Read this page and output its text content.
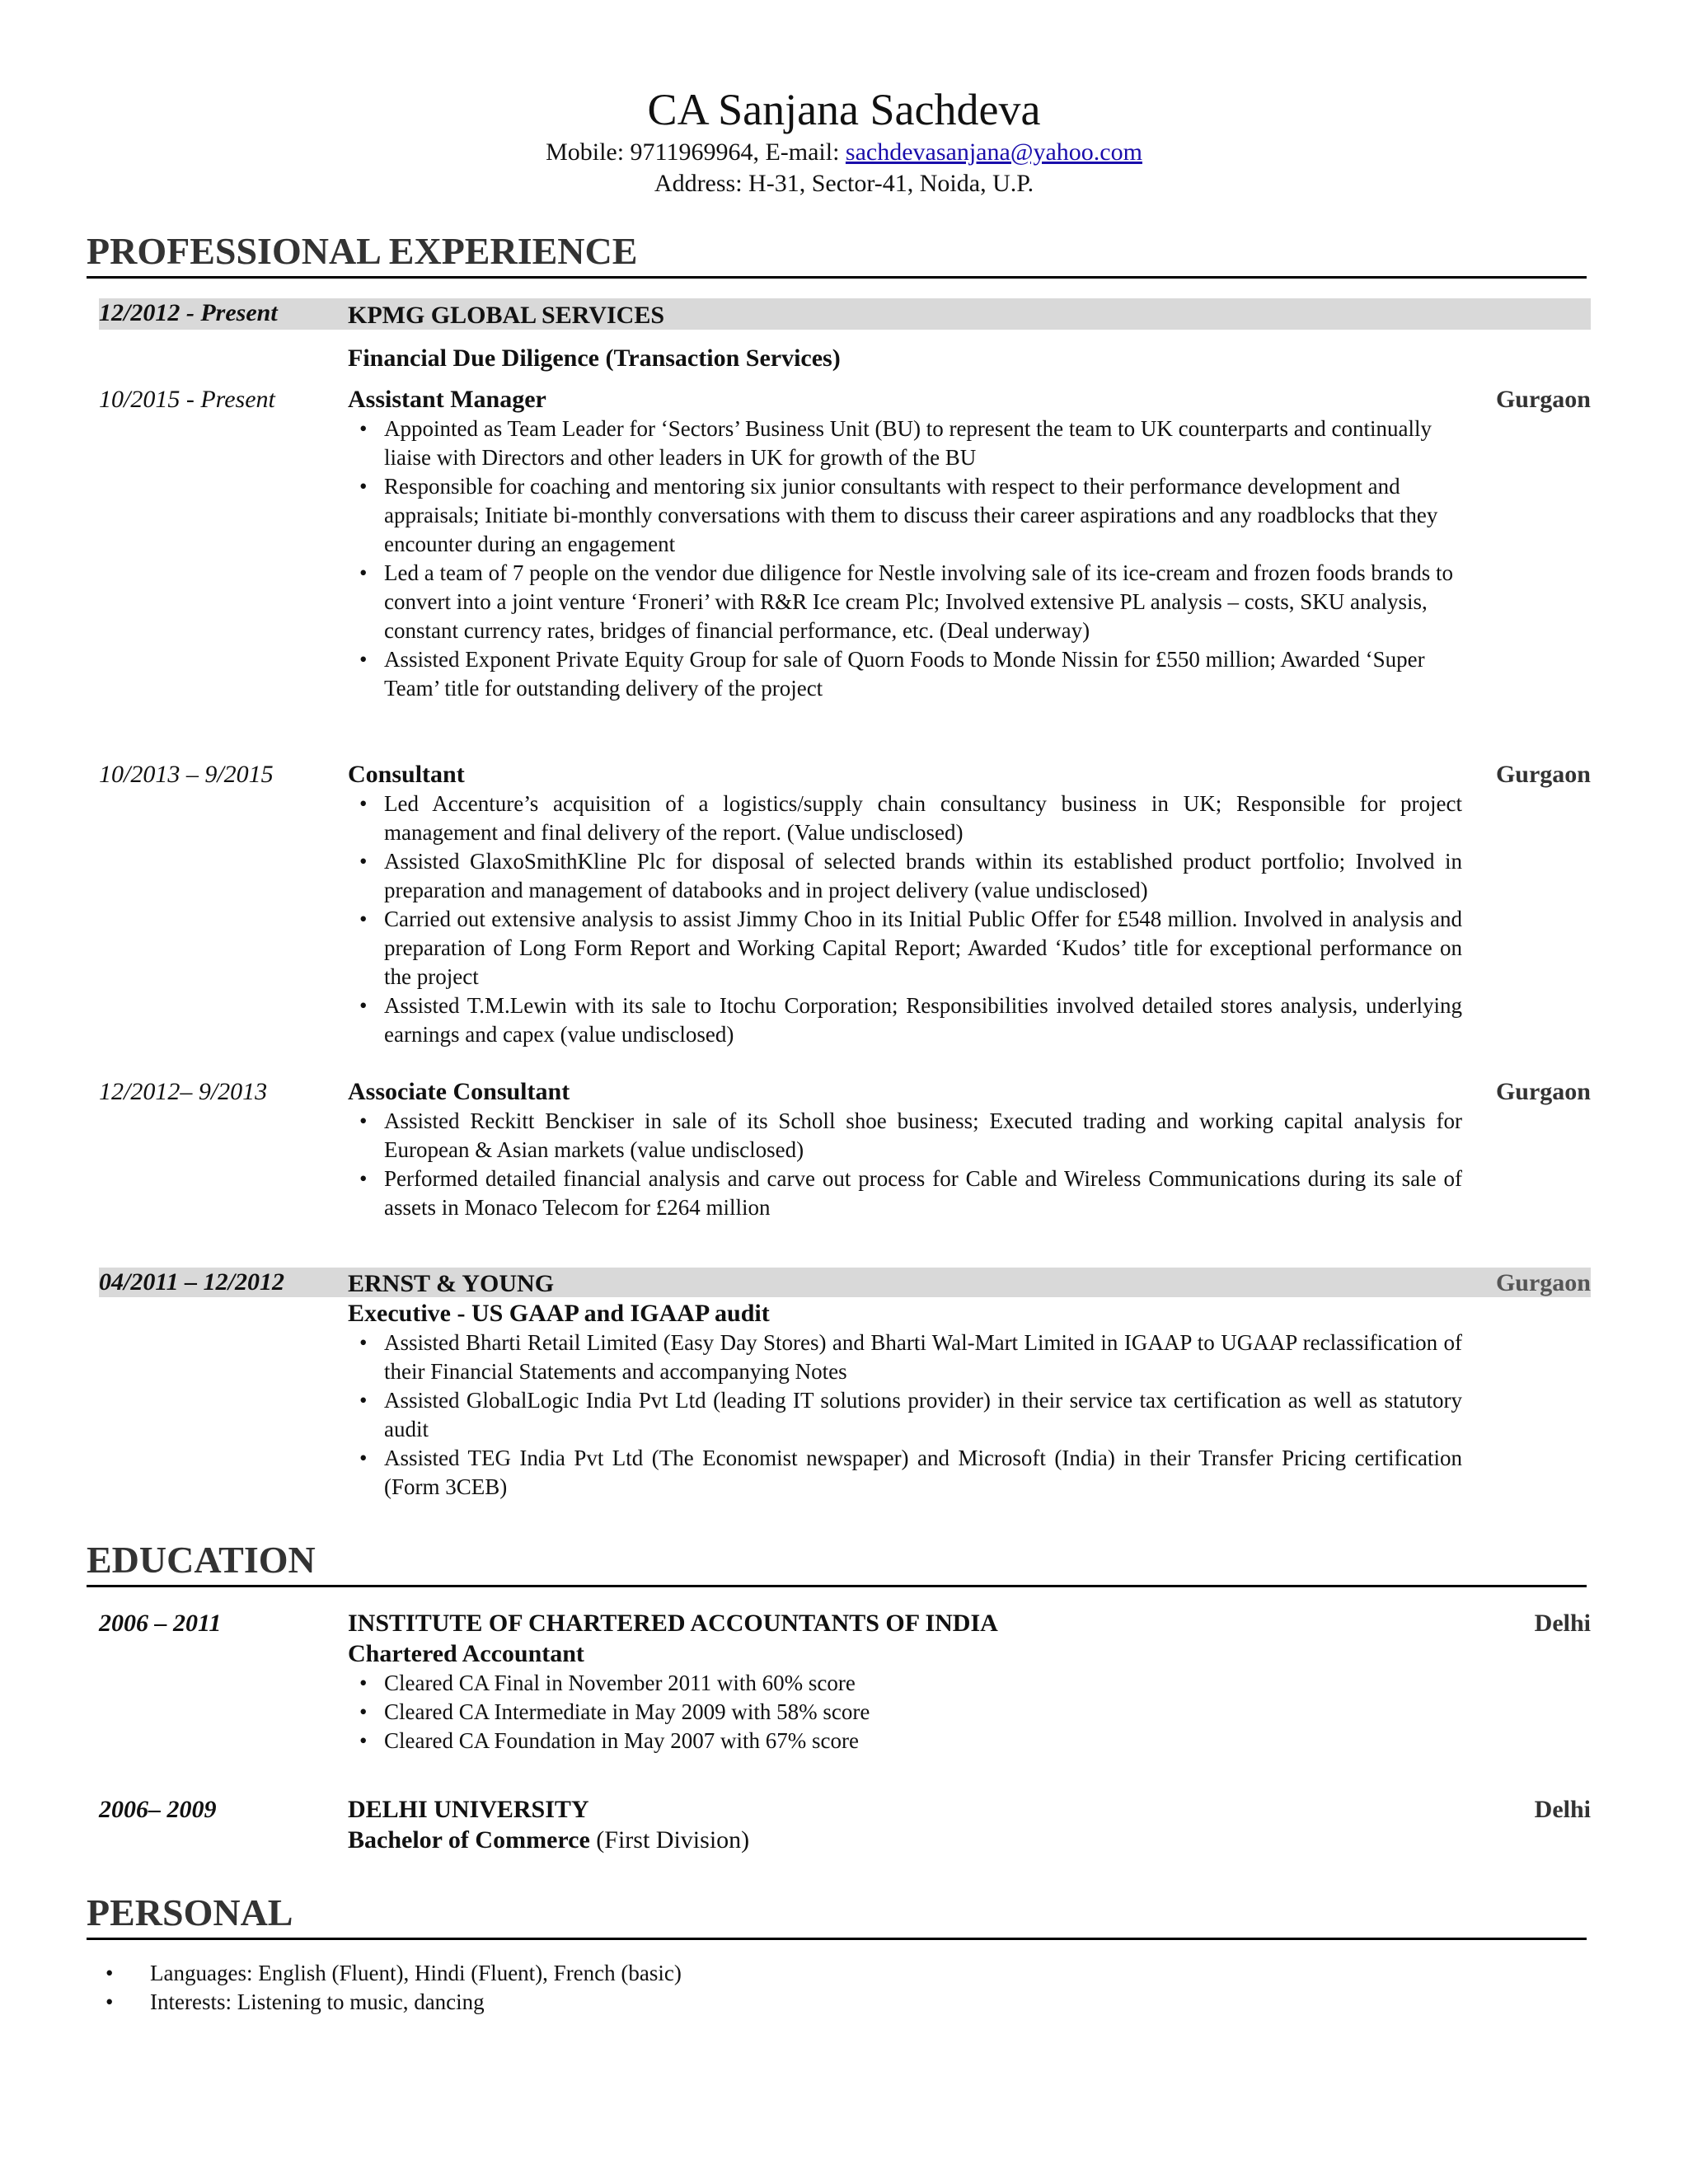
CA Sanjana Sachdeva
Mobile: 9711969964, E-mail: sachdevasanjana@yahoo.com
Address: H-31, Sector-41, Noida, U.P.
PROFESSIONAL EXPERIENCE
12/2012 - Present	KPMG GLOBAL SERVICES
Financial Due Diligence (Transaction Services)
10/2015 - Present	Assistant Manager	Gurgaon
• Appointed as Team Leader for ‘Sectors’ Business Unit (BU) to represent the team to UK counterparts and continually liaise with Directors and other leaders in UK for growth of the BU
• Responsible for coaching and mentoring six junior consultants with respect to their performance development and appraisals; Initiate bi-monthly conversations with them to discuss their career aspirations and any roadblocks that they encounter during an engagement
• Led a team of 7 people on the vendor due diligence for Nestle involving sale of its ice-cream and frozen foods brands to convert into a joint venture ‘Froneri’ with R&R Ice cream Plc; Involved extensive PL analysis – costs, SKU analysis, constant currency rates, bridges of financial performance, etc. (Deal underway)
• Assisted Exponent Private Equity Group for sale of Quorn Foods to Monde Nissin for £550 million; Awarded ‘Super Team’ title for outstanding delivery of the project
10/2013 – 9/2015	Consultant	Gurgaon
• Led Accenture’s acquisition of a logistics/supply chain consultancy business in UK; Responsible for project management and final delivery of the report. (Value undisclosed)
• Assisted GlaxoSmithKline Plc for disposal of selected brands within its established product portfolio; Involved in preparation and management of databooks and in project delivery (value undisclosed)
• Carried out extensive analysis to assist Jimmy Choo in its Initial Public Offer for £548 million. Involved in analysis and preparation of Long Form Report and Working Capital Report; Awarded ‘Kudos’ title for exceptional performance on the project
• Assisted T.M.Lewin with its sale to Itochu Corporation; Responsibilities involved detailed stores analysis, underlying earnings and capex (value undisclosed)
12/2012– 9/2013	Associate Consultant	Gurgaon
• Assisted Reckitt Benckiser in sale of its Scholl shoe business; Executed trading and working capital analysis for European & Asian markets (value undisclosed)
• Performed detailed financial analysis and carve out process for Cable and Wireless Communications during its sale of assets in Monaco Telecom for £264 million
04/2011 – 12/2012	ERNST & YOUNG	Gurgaon
Executive - US GAAP and IGAAP audit
• Assisted Bharti Retail Limited (Easy Day Stores) and Bharti Wal-Mart Limited in IGAAP to UGAAP reclassification of their Financial Statements and accompanying Notes
• Assisted GlobalLogic India Pvt Ltd (leading IT solutions provider) in their service tax certification as well as statutory audit
• Assisted TEG India Pvt Ltd (The Economist newspaper) and Microsoft (India) in their Transfer Pricing certification (Form 3CEB)
EDUCATION
2006 – 2011	INSTITUTE OF CHARTERED ACCOUNTANTS OF INDIA	Delhi
Chartered Accountant
• Cleared CA Final in November 2011 with 60% score
• Cleared CA Intermediate in May 2009 with 58% score
• Cleared CA Foundation in May 2007 with 67% score
2006– 2009	DELHI UNIVERSITY	Delhi
Bachelor of Commerce (First Division)
PERSONAL
• Languages: English (Fluent), Hindi (Fluent), French (basic)
• Interests: Listening to music, dancing
